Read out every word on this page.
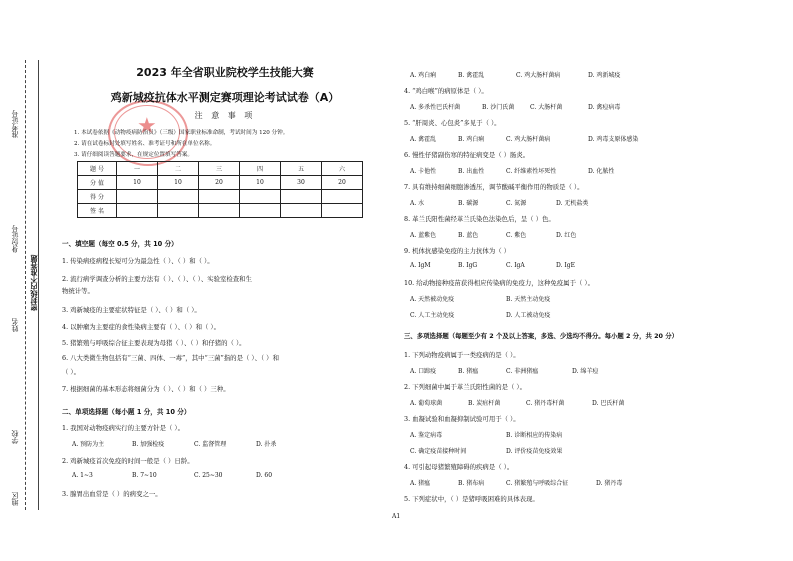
准考证号
身份证号
密封线内不准答题
姓名
学校
地区
★
2023 年全省职业院校学生技能大赛
鸡新城疫抗体水平测定赛项理论考试试卷（A）
注 意 事 项
1. 本试卷依据《动物疫病防治员》（三级）国家职业标准命制，考试时间为 120 分钟。
2. 请在试卷标封处填写姓名、准考证号和所在单位名称。
3. 请仔细阅读答题要求，在规定位置填写答案。
题 号	一	二	三	四	五	六
分 值	10	10	20	10	30	20
得 分						
签 名						
一、填空题（每空 0.5 分，共 10 分）
1. 传染病疫病程长短可分为最急性（ ）、（ ）和（ ）。
2. 流行病学调查分析的主要方法有（ ）、（ ）、（ ）、实验室检查和生
物统计等。
3. 鸡新城疫的主要症状特征是（ ）、（ ）和（ ）。
4. 以肿瘤为主要症的食性染病主要有（ ）、（ ）和（ ）。
5. 猪繁殖与呼吸综合征主要表现为母猪（ ）、（ ）和仔猪的（ ）。
6. 八大类微生物包括有“三菌、四体、一毒”，其中“三菌”指的是（ ）、（ ）和
（ ）。
7. 根据细菌的基本形态将细菌分为（ ）、（ ）和（ ）三种。
二、单项选择题（每小题 1 分，共 10 分）
1. 我国对动物疫病实行的主要方针是（ ）。
A. 预防为主	B. 加强检疫	C. 监督管理	D. 扑杀
2. 鸡新城疫首次免疫的时间一般是（ ）日龄。
A. 1~3	B. 7~10	C. 25~30	D. 60
3. 腺胃出血常是（ ）的病变之一。
A. 鸡白痢	B. 禽霍乱	C. 鸡大肠杆菌病	D. 鸡新城疫
4. “鸡白喉”的病原体是（ ）。
A. 多杀性巴氏杆菌	B. 沙门氏菌	C. 大肠杆菌	D. 禽痘病毒
5. “肝周炎、心包炎”多见于（ ）。
A. 禽霍乱	B. 鸡白痢	C. 鸡大肠杆菌病	D. 鸡毒支原体感染
6. 慢性仔猪副伤寒的特征病变是（ ）肠炎。
A. 卡他性	B. 出血性	C. 纤维素性坏死性	D. 化脓性
7. 具有维持细菌细胞渗透压，调节酸碱平衡作用的物质是（ ）。
A. 水	B. 碳源	C. 氮源	D. 无机盐类
8. 革兰氏阳性菌经革兰氏染色法染色后，呈（ ）色。
A. 蓝紫色	B. 蓝色	C. 紫色	D. 红色
9. 机体抗感染免疫的主力抗体为（ ）
A. IgM	B. IgG	C. IgA	D. IgE
10. 给动物接种疫苗获得相应传染病的免疫力，这种免疫属于（ ）。
A. 天然被动免疫	B. 天然主动免疫
C. 人工主动免疫	D. 人工被动免疫
三、多项选择题（每题至少有 2 个及以上答案，多选、少选均不得分。每小题 2 分，共 20 分）
1. 下列动物疫病属于一类疫病的是（ ）。
A. 口蹄疫	B. 猪瘟	C. 非洲猪瘟	D. 绵羊痘
2. 下列细菌中属于革兰氏阳性菌的是（ ）。
A. 葡萄球菌	B. 炭疽杆菌	C. 猪丹毒杆菌	D. 巴氏杆菌
3. 血凝试验和血凝抑制试验可用于（ ）。
A. 鉴定病毒	B. 诊断相应的传染病
C. 确定疫苗接种时间	D. 评价疫苗免疫效果
4. 可引起母猪繁殖障碍的疾病是（ ）。
A. 猪瘟	B. 猪布病	C. 猪繁殖与呼吸综合征	D. 猪丹毒
5. 下列症状中，（ ）是猪呼吸困难的具体表现。
A1
